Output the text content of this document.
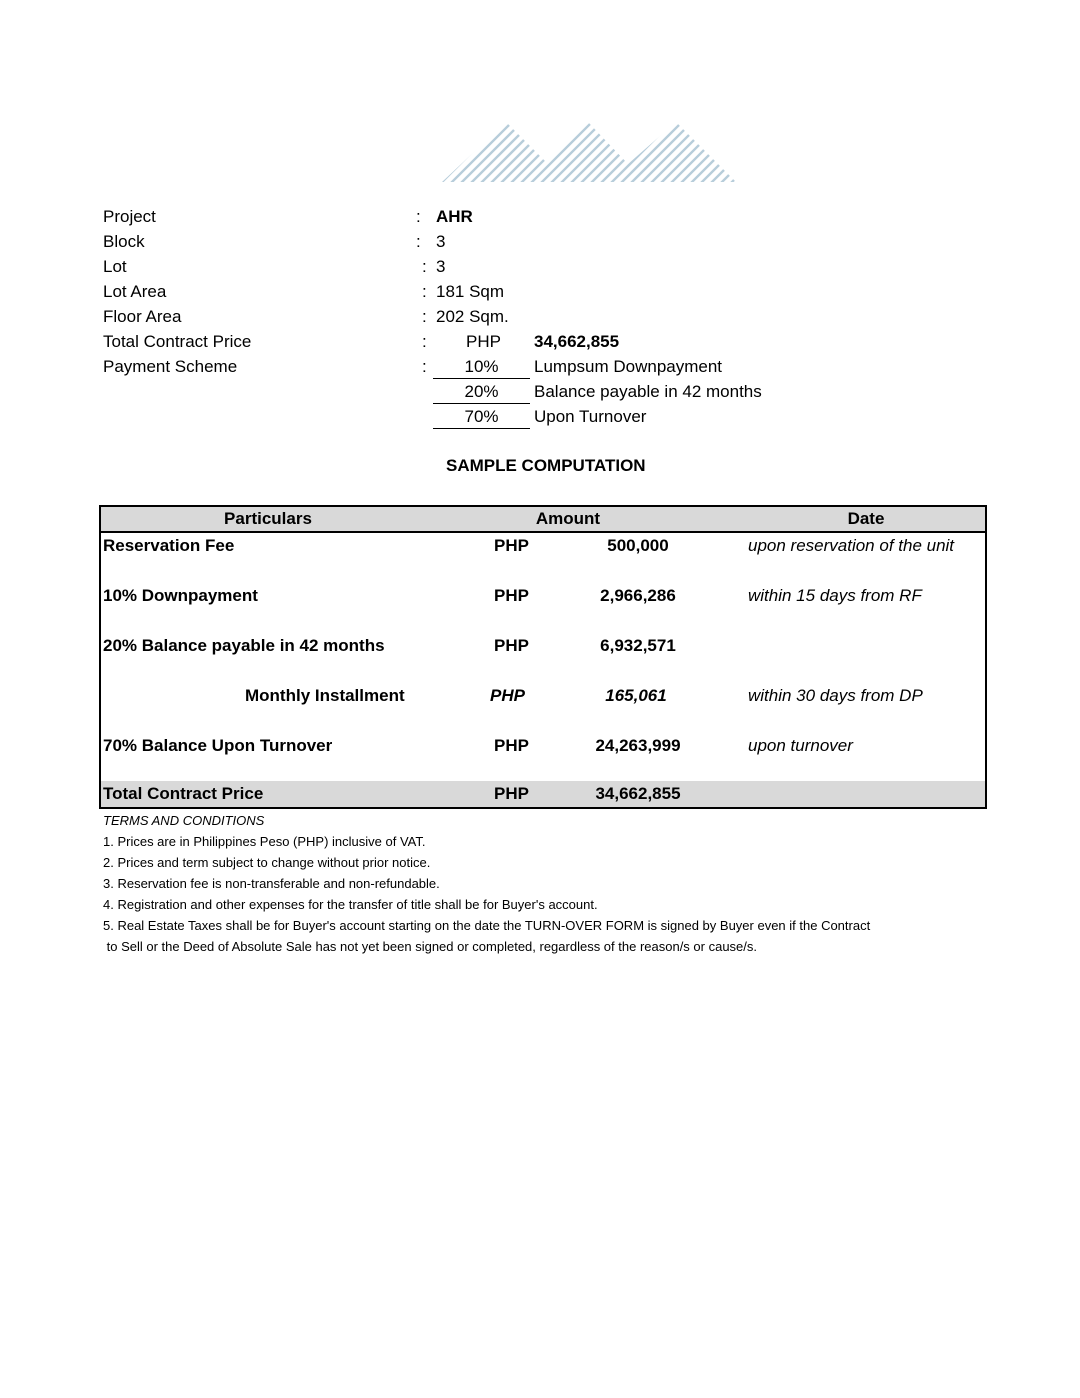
Project	: AHR
Block	: 3
Lot	: 3
Lot Area	: 181 Sqm
Floor Area	: 202 Sqm.
Total Contract Price	: PHP 34,662,855
Payment Scheme	:	10%	Lumpsum Downpayment
20%	Balance payable in 42 months
70%	Upon Turnover
SAMPLE COMPUTATION
Particulars	Amount	Date
Reservation Fee	PHP	500,000	upon reservation of the unit
10% Downpayment	PHP	2,966,286	within 15 days from RF
20% Balance payable in 42 months	PHP	6,932,571
Monthly Installment	PHP	165,061	within 30 days from DP
70% Balance Upon Turnover	PHP	24,263,999	upon turnover
Total Contract Price	PHP	34,662,855
TERMS AND CONDITIONS
1. Prices are in Philippines Peso (PHP) inclusive of VAT.
2. Prices and term subject to change without prior notice.
3. Reservation fee is non-transferable and non-refundable.
4. Registration and other expenses for the transfer of title shall be for Buyer's account.
5. Real Estate Taxes shall be for Buyer's account starting on the date the TURN-OVER FORM is signed by Buyer even if the Contract
to Sell or the Deed of Absolute Sale has not yet been signed or completed, regardless of the reason/s or cause/s.
